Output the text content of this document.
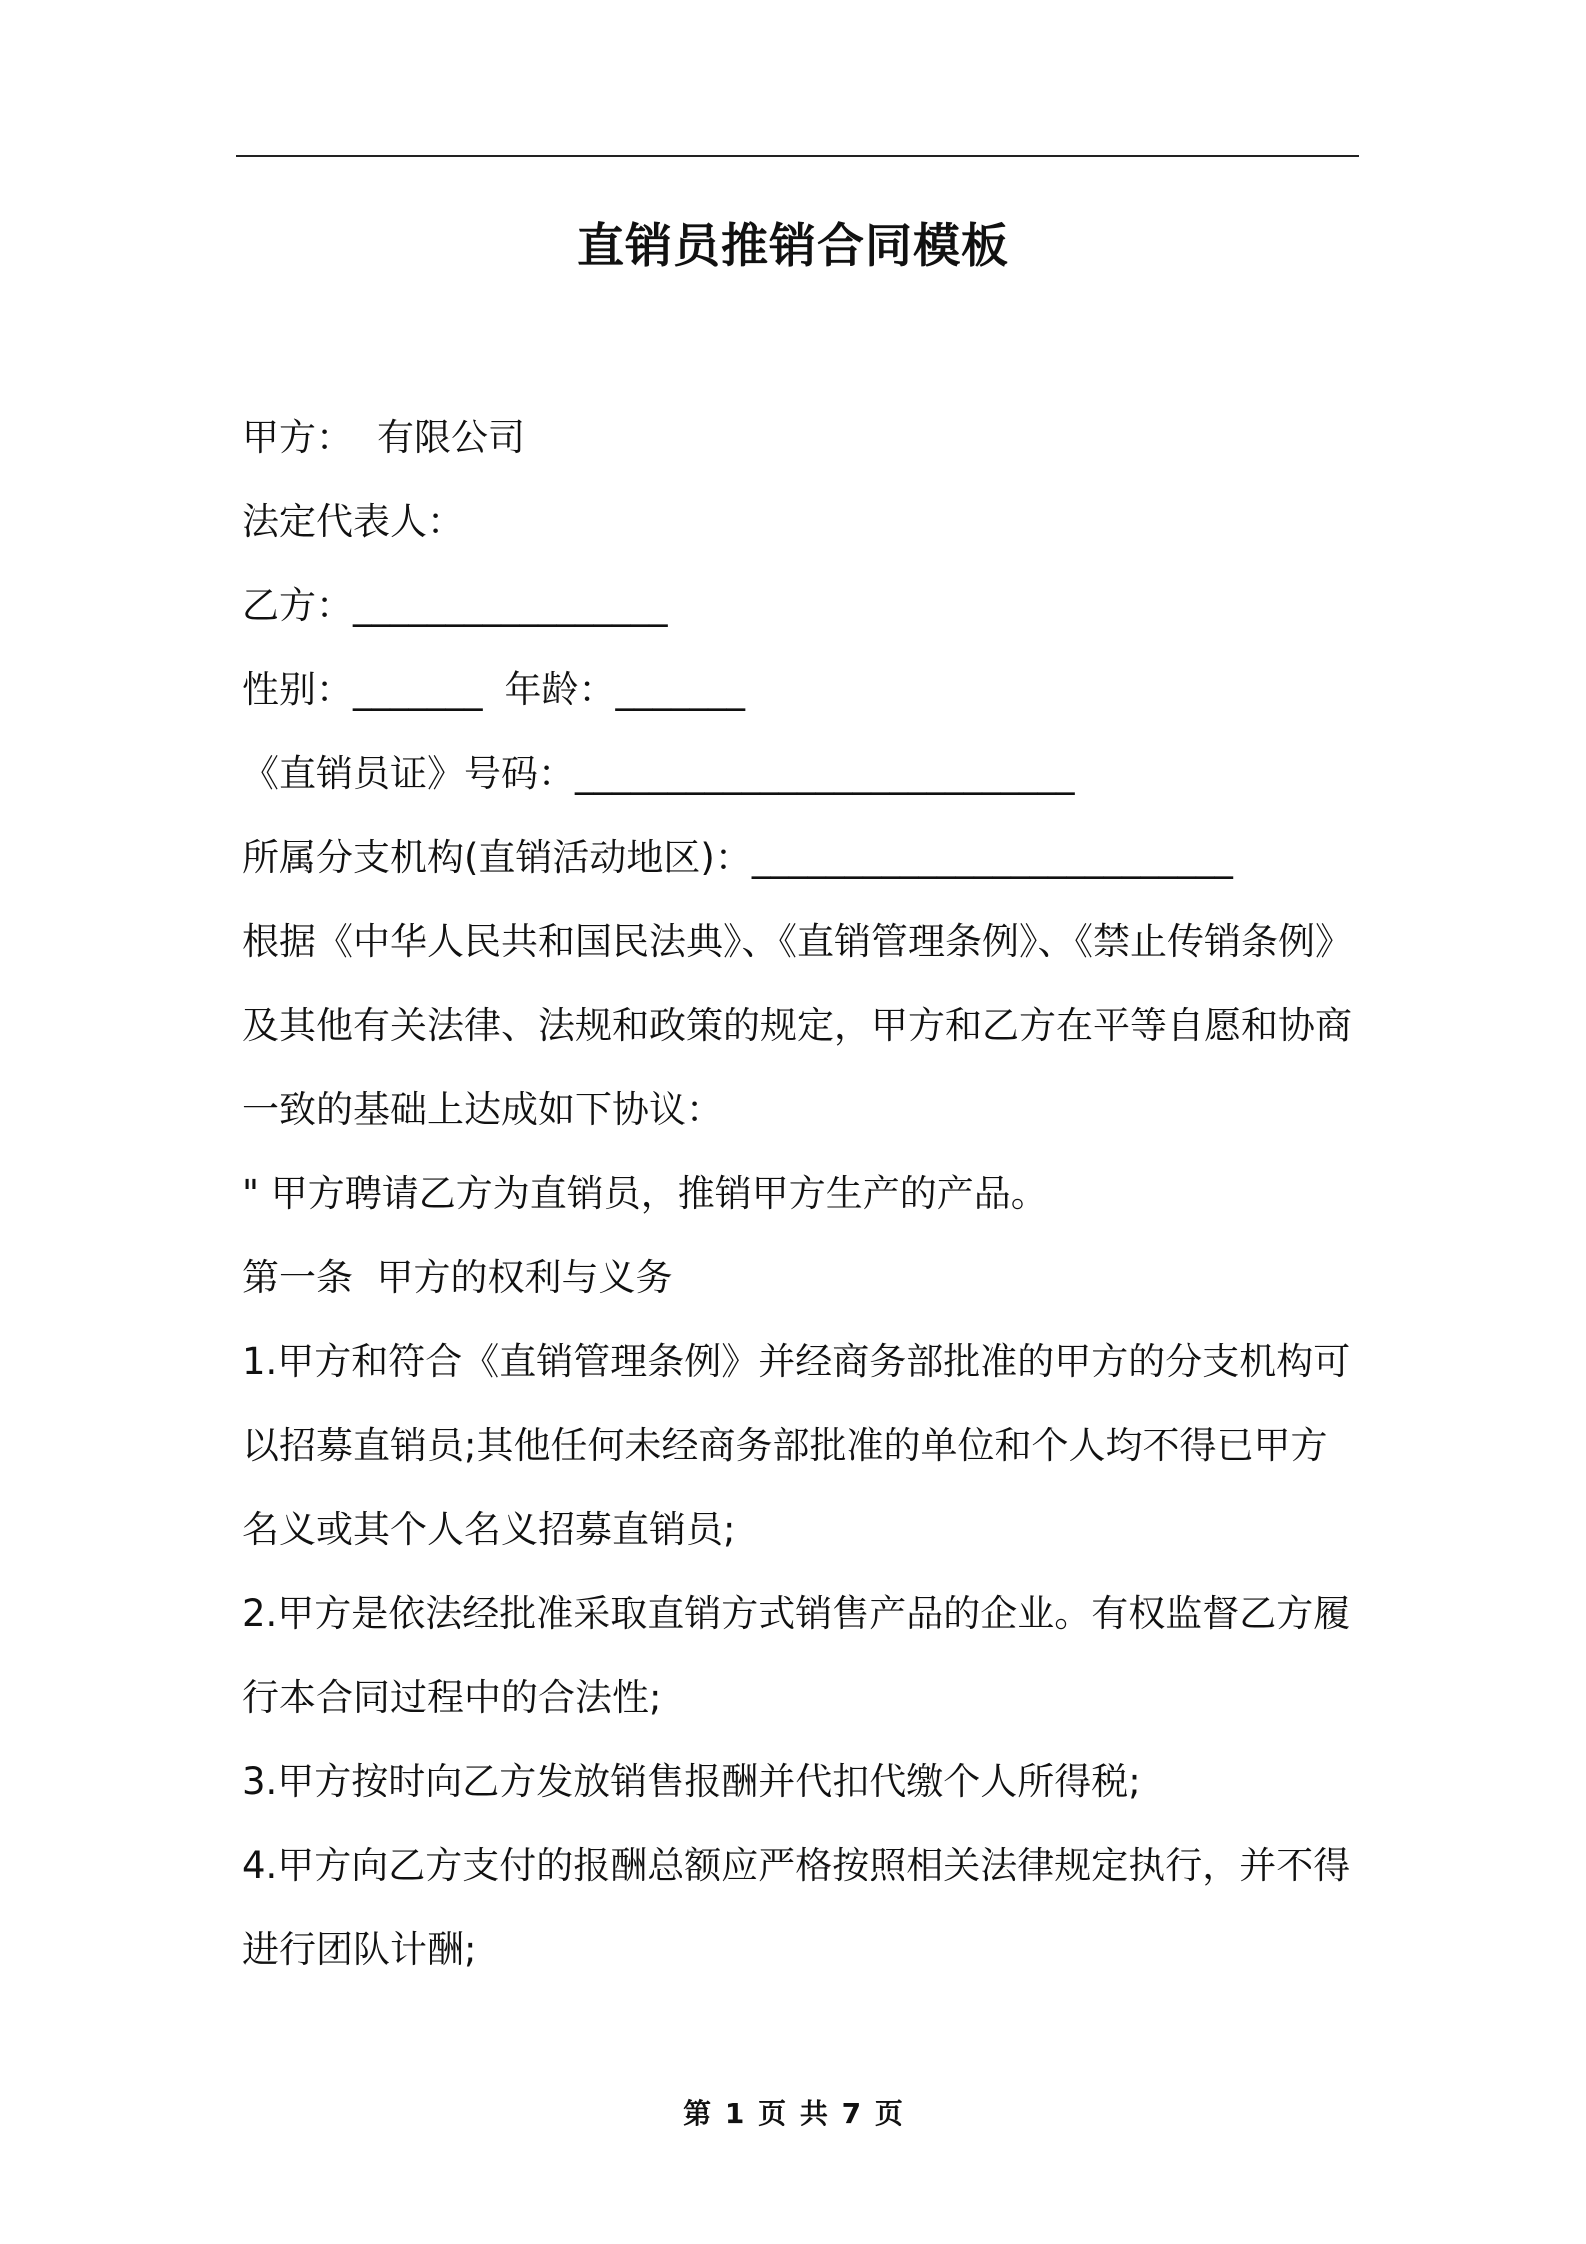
直销员推销合同模板
甲方： 有限公司
法定代表人：
乙方：_________________
性别：_______ 年龄：_______
《直销员证》号码：___________________________
所属分支机构(直销活动地区)：__________________________
根据《中华人民共和国民法典》、《直销管理条例》、《禁止传销条例》
及其他有关法律、法规和政策的规定，甲方和乙方在平等自愿和协商
一致的基础上达成如下协议：
" 甲方聘请乙方为直销员，推销甲方生产的产品。
第一条  甲方的权利与义务
1.甲方和符合《直销管理条例》并经商务部批准的甲方的分支机构可
以招募直销员;其他任何未经商务部批准的单位和个人均不得已甲方
名义或其个人名义招募直销员;
2.甲方是依法经批准采取直销方式销售产品的企业。有权监督乙方履
行本合同过程中的合法性;
3.甲方按时向乙方发放销售报酬并代扣代缴个人所得税;
4.甲方向乙方支付的报酬总额应严格按照相关法律规定执行，并不得
进行团队计酬;
第 1 页 共 7 页
